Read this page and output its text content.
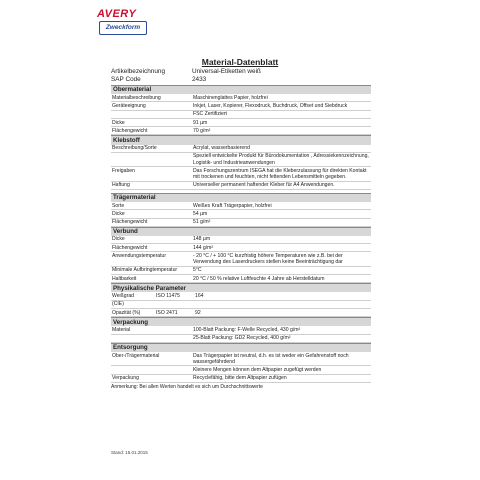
AVERY
Zweckform
Material-Datenblatt
Artikelbezeichnung	Universal-Etiketten weiß
SAP Code	2433
Obermaterial
Materialbeschreibung	Maschinenglattes Papier, holzfrei
Geräteeignung	Inkjet, Laser, Kopierer, Flexodruck, Buchdruck, Offset und Siebdruck
	FSC Zertifiziert
Dicke	91 µm
Flächengewicht	70 g/m²
Klebstoff
Beschreibung/Sorte	Acrylat, wasserbasierend
	Speziell entwickelte Produkt für Bürodokumentation , Adressiekennzeichnung, Logistik- und Industrieanwendungen
Freigaben	Das Forschungszentrum ISEGA hat die Kleberzulassung für direkten Kontakt mit trockenen und feuchten, nicht fettenden Lebensmitteln gegeben.
Haftung	Universeller permanent haftender Kleber für A4 Anwendungen.
Trägermaterial
Sorte	Weißes Kraft Trägerpapier, holzfrei
Dicke	54 µm
Flächengewicht	51 g/m²
Verbund
Dicke	148 µm
Flächengewicht	144 g/m²
Anwendungstemperatur	- 20 °C / + 100 °C kurzfristig höhere Temperaturen wie z.B. bei der Verwendung des Laserdruckers stellen keine Beeinträchtigung dar
Minimale Aufbringtemperatur	5°C
Haltbarkeit	20 °C / 50 % relative Luftfeuchte 4 Jahre ab Herstelldatum
Physikalische Parameter
Weißgrad	ISO 11475	164
(CIE)		
Opazität (%)	ISO 2471	92
Verpackung
Material	100-Blatt Packung: F-Welle Recycled, 430 g/m²
	25-Blatt Packung: GD2 Recycled, 400 g/m²
Entsorgung
Ober-/Trägermaterial	Das Trägerpapier ist neutral, d.h. es ist weder ein Gefahrenstoff noch wassergefährdend
	Kleinere Mengen können dem Altpapier zugefügt werden
Verpackung	Recyclefähig, bitte dem Altpapier zufügen
Anmerkung: Bei allen Werten handelt es sich um Durchschnittswerte
Stand: 15.01.2015
